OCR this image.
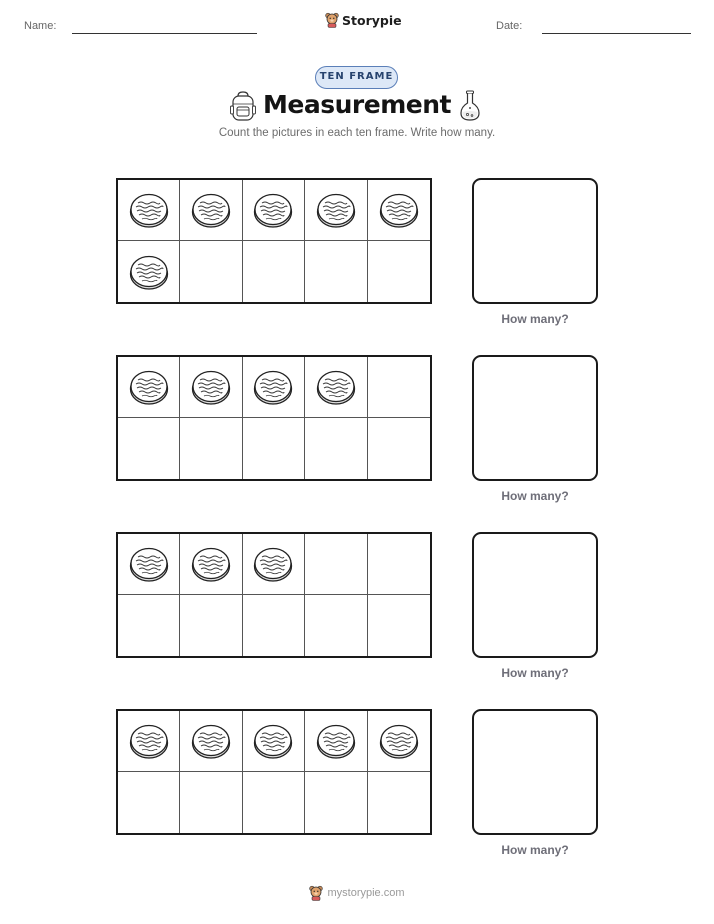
Name:	Storypie	Date:
TEN FRAME
Measurement
Count the pictures in each ten frame. Write how many.
How many?
How many?
How many?
How many?
mystorypie.com
